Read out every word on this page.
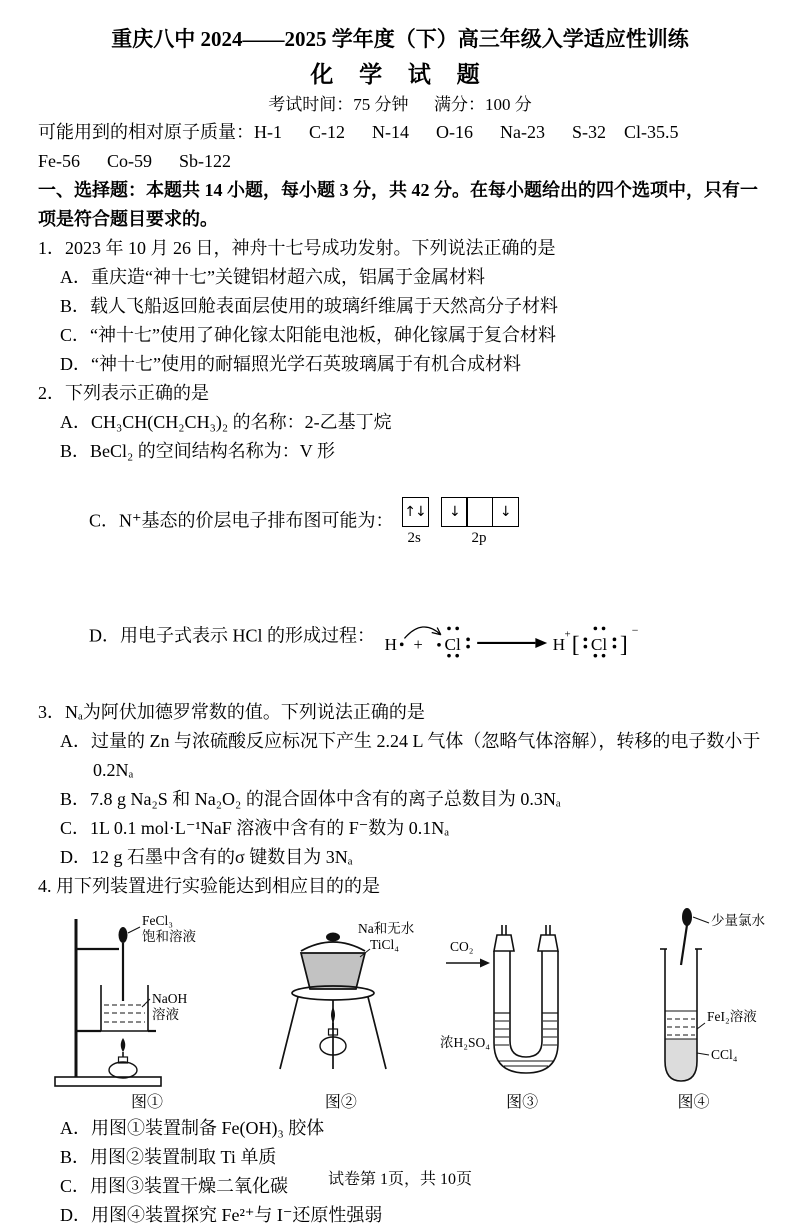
重庆八中 2024——2025 学年度（下）高三年级入学适应性训练
化 学 试 题
考试时间：75 分钟      满分：100 分
可能用到的相对原子质量：H-1      C-12      N-14      O-16      Na-23      S-32    Cl-35.5
Fe-56      Co-59      Sb-122
一、选择题：本题共 14 小题，每小题 3 分，共 42 分。在每小题给出的四个选项中，只有一项是符合题目要求的。
1．2023 年 10 月 26 日，神舟十七号成功发射。下列说法正确的是
A．重庆造“神十七”关键铝材超六成，铝属于金属材料
B．载人飞船返回舱表面层使用的玻璃纤维属于天然高分子材料
C．“神十七”使用了砷化镓太阳能电池板，砷化镓属于复合材料
D．“神十七”使用的耐辐照光学石英玻璃属于有机合成材料
2．下列表示正确的是
A．CH₃CH(CH₂CH₃)₂ 的名称：2-乙基丁烷
B．BeCl₂ 的空间结构名称为：V 形

C．N⁺基态的价层电子排布图可能为： ↑↓
2s
↓	↓
2p

D．用电子式表示 HCl 的形成过程： H + Cl	H
+ [ Cl ]
−

3．Nₐ为阿伏加德罗常数的值。下列说法正确的是
A．过量的 Zn 与浓硫酸反应标况下产生 2.24 L 气体（忽略气体溶解），转移的电子数小于 0.2Nₐ
B．7.8 g Na₂S 和 Na₂O₂ 的混合固体中含有的离子总数目为 0.3Nₐ
C．1L 0.1 mol·L⁻¹NaF 溶液中含有的 F⁻数为 0.1Nₐ
D．12 g 石墨中含有的σ 键数目为 3Nₐ
4. 用下列装置进行实验能达到相应目的的是
FeCl₃
饱和溶液
NaOH
溶液
图①
Na和无水
TiCl₄
图②
CO₂
浓H₂SO₄
图③
少量氯水
FeI₂溶液
CCl₄
图④
A．用图①装置制备 Fe(OH)₃ 胶体
B．用图②装置制取 Ti 单质
C．用图③装置干燥二氧化碳
D．用图④装置探究 Fe²⁺与 I⁻还原性强弱
试卷第 1页，共 10页
